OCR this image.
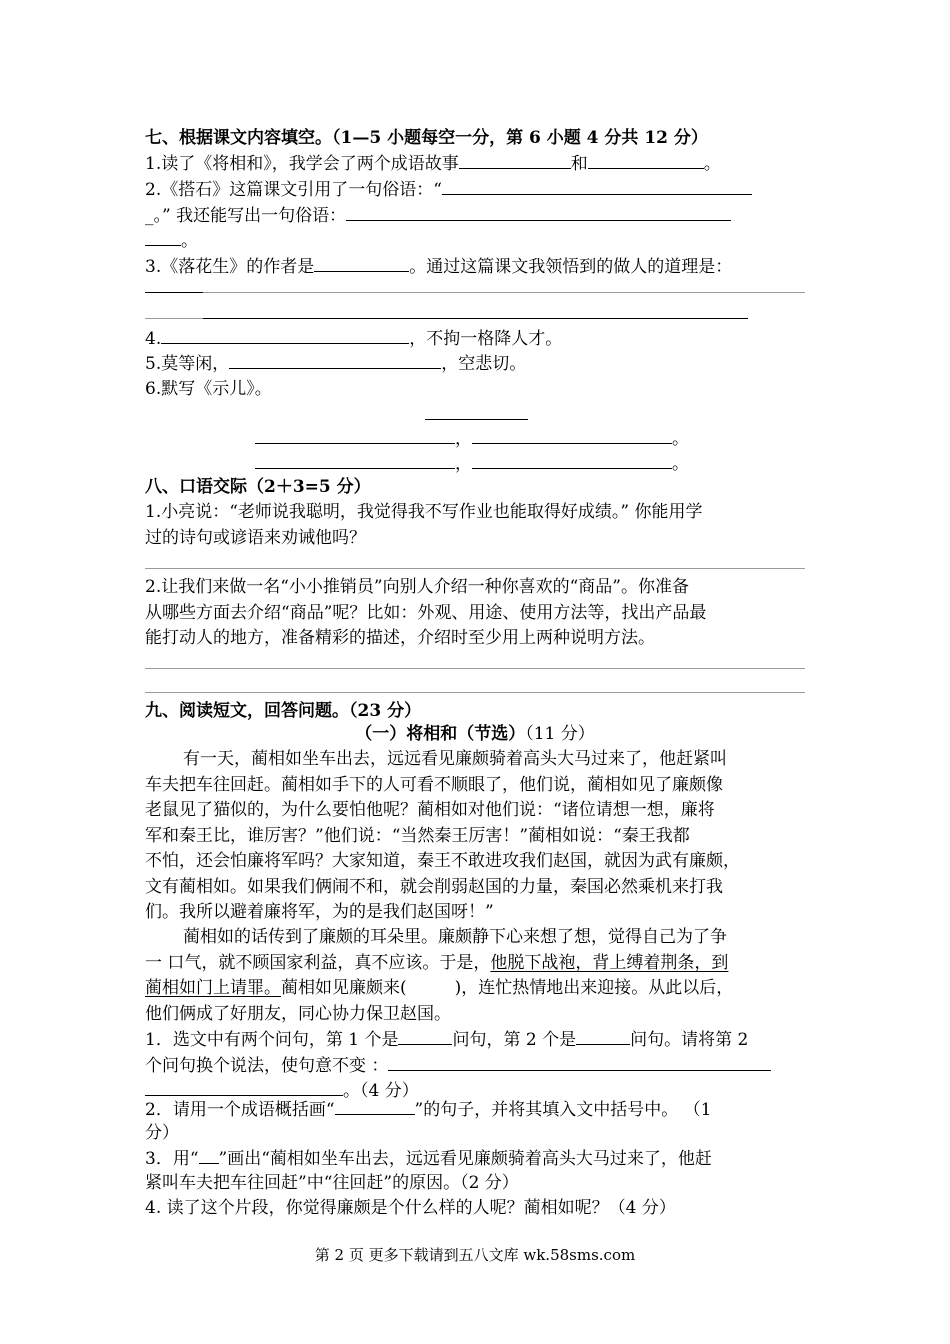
七、根据课文内容填空。（1—5 小题每空一分，第 6 小题 4 分共 12 分）
1.读了《将相和》，我学会了两个成语故事	和	。
2.《搭石》这篇课文引用了一句俗语：“
_。” 我还能写出一句俗语：
。
3.《落花生》的作者是	。通过这篇课文我领悟到的做人的道理是：
4.	，不拘一格降人才。
5.莫等闲，	，空悲切。
6.默写《示儿》。
，	。
，	。
八、口语交际（2＋3=5 分）
1.小亮说：“老师说我聪明，我觉得我不写作业也能取得好成绩。” 你能用学
过的诗句或谚语来劝诫他吗？
2.让我们来做一名“小小推销员”向别人介绍一种你喜欢的“商品”。你准备
从哪些方面去介绍“商品”呢？比如：外观、用途、使用方法等，找出产品最
能打动人的地方，准备精彩的描述，介绍时至少用上两种说明方法。
九、阅读短文，回答问题。（23 分）
（一）将相和（节选）（11 分）
有一天，蔺相如坐车出去，远远看见廉颇骑着高头大马过来了，他赶紧叫
车夫把车往回赶。蔺相如手下的人可看不顺眼了，他们说，蔺相如见了廉颇像
老鼠见了猫似的，为什么要怕他呢？蔺相如对他们说：“诸位请想一想，廉将
军和秦王比，谁厉害？”他们说：“当然秦王厉害！”蔺相如说：“秦王我都
不怕，还会怕廉将军吗？大家知道，秦王不敢进攻我们赵国，就因为武有廉颇，
文有蔺相如。如果我们俩闹不和，就会削弱赵国的力量，秦国必然乘机来打我
们。我所以避着廉将军，为的是我们赵国呀！”
蔺相如的话传到了廉颇的耳朵里。廉颇静下心来想了想，觉得自己为了争
一 口气，就不顾国家利益，真不应该。于是，他脱下战袍，背上缚着荆条，到
蔺相如门上请罪。蔺相如见廉颇来(	)，连忙热情地出来迎接。从此以后，
他们俩成了好朋友，同心协力保卫赵国。
1．选文中有两个问句，第 1 个是	问句，第 2 个是	问句。请将第 2
个问句换个说法，使句意不变 ：
。（4 分）
2．请用一个成语概括画“	”的句子，并将其填入文中括号中。 （1
分）
3．用“ ”画出“蔺相如坐车出去，远远看见廉颇骑着高头大马过来了，他赶
紧叫车夫把车往回赶”中“往回赶”的原因。（2 分）
4. 读了这个片段，你觉得廉颇是个什么样的人呢？蔺相如呢？（4 分）
第 2 页 更多下载请到五八文库 wk.58sms.com
